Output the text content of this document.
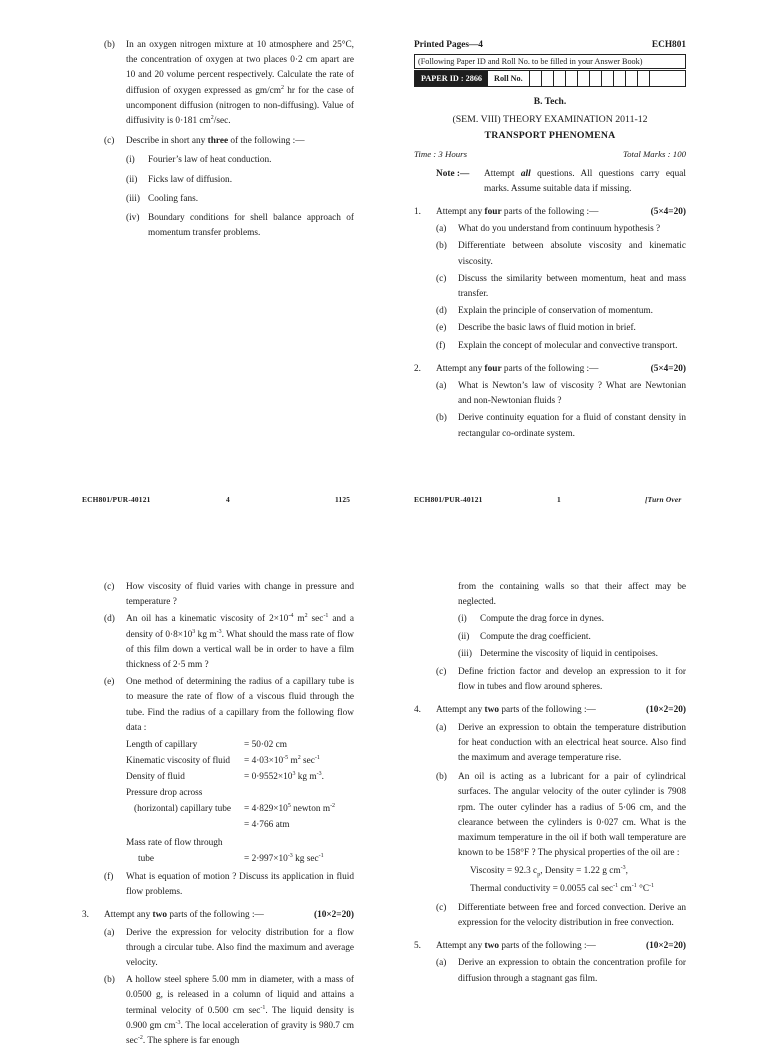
(b) In an oxygen nitrogen mixture at 10 atmosphere and 25°C, the concentration of oxygen at two places 0·2 cm apart are 10 and 20 volume percent respectively. Calculate the rate of diffusion of oxygen expressed as $gm/cm^2$ hr for the case of uncomponent diffusion (nitrogen to non-diffusing). Value of diffusivity is 0·181 $cm^2/\sec$.
(c) Describe in short any three of the following :—
(i) Fourier’s law of heat conduction.
(ii) Ficks law of diffusion.
(iii) Cooling fans.
(iv) Boundary conditions for shell balance approach of momentum transfer problems.
ECH801/PUR-40121	4	1125
Printed Pages—4	ECH801
(Following Paper ID and Roll No. to be filled in your Answer Book)
PAPER ID : 2866	Roll No.
B. Tech.
(SEM. VIII) THEORY EXAMINATION 2011-12
TRANSPORT PHENOMENA
Time : 3 Hours	Total Marks : 100
Note :— Attempt all questions. All questions carry equal marks. Assume suitable data if missing.
1.	(5×4=20)
Attempt any four parts of the following :—
(a) What do you understand from continuum hypothesis ?
(b) Differentiate between absolute viscosity and kinematic viscosity.
(c) Discuss the similarity between momentum, heat and mass transfer.
(d) Explain the principle of conservation of momentum.
(e) Describe the basic laws of fluid motion in brief.
(f) Explain the concept of molecular and convective transport.
2.	(5×4=20)
Attempt any four parts of the following :—
(a) What is Newton’s law of viscosity ? What are Newtonian and non-Newtonian fluids ?
(b) Derive continuity equation for a fluid of constant density in rectangular co-ordinate system.
ECH801/PUR-40121	1	[Turn Over
(c) How viscosity of fluid varies with change in pressure and temperature ?
(d) An oil has a kinematic viscosity of $2\times 10^{-4}$ $m^2$ $\sec^{-1}$ and a density of $0\cdot 8\times 10^3$ kg $m^{-3}$. What should the mass rate of flow of this film down a vertical wall be in order to have a film thickness of 2·5 mm ?
(e) One method of determining the radius of a capillary tube is to measure the rate of flow of a viscous fluid through the tube. Find the radius of a capillary from the following flow data :
Length of capillary	= 50·02 cm
Kinematic viscosity of fluid = $4\cdot 03\times 10^{-5}$ $m^2$ $\sec^{-1}$
Density of fluid	= $0\cdot 9552\times 10^3$ kg $m^{-3}$.
Pressure drop across
(horizontal) capillary tube = $4\cdot 829\times 10^5$ newton $m^{-2}$
= 4·766 atm
Mass rate of flow through
tube	= $2\cdot 997\times 10^{-3}$ kg $\sec^{-1}$
(f) What is equation of motion ? Discuss its application in fluid flow problems.
3.	(10×2=20)
Attempt any two parts of the following :—
(a) Derive the expression for velocity distribution for a flow through a circular tube. Also find the maximum and average velocity.
(b) A hollow steel sphere 5.00 mm in diameter, with a mass of 0.0500 g, is released in a column of liquid and attains a terminal velocity of 0.500 cm $\sec^{-1}$. The liquid density is 0.900 gm $cm^{-3}$. The local acceleration of gravity is 980.7 cm $\sec^{-2}$. The sphere is far enough
from the containing walls so that their affect may be neglected.
(i) Compute the drag force in dynes.
(ii) Compute the drag coefficient.
(iii) Determine the viscosity of liquid in centipoises.
(c) Define friction factor and develop an expression to it for flow in tubes and flow around spheres.
4.	(10×2=20)
Attempt any two parts of the following :—
(a) Derive an expression to obtain the temperature distribution for heat conduction with an electrical heat source. Also find the maximum and average temperature rise.
(b) An oil is acting as a lubricant for a pair of cylindrical surfaces. The angular velocity of the outer cylinder is 7908 rpm. The outer cylinder has a radius of 5·06 cm, and the clearance between the cylinders is 0·027 cm. What is the maximum temperature in the oil if both wall temperature are known to be 158°F ? The physical properties of the oil are :
Viscosity = 92.3 $c_p$, Density = 1.22 g $cm^{-3}$,
Thermal conductivity = 0.0055 cal $\sec^{-1} cm^{-1}$ $^\circ C^{-1}$
(c) Differentiate between free and forced convection. Derive an expression for the velocity distribution in free convection.
5.	(10×2=20)
Attempt any two parts of the following :—
(a) Derive an expression to obtain the concentration profile for diffusion through a stagnant gas film.
